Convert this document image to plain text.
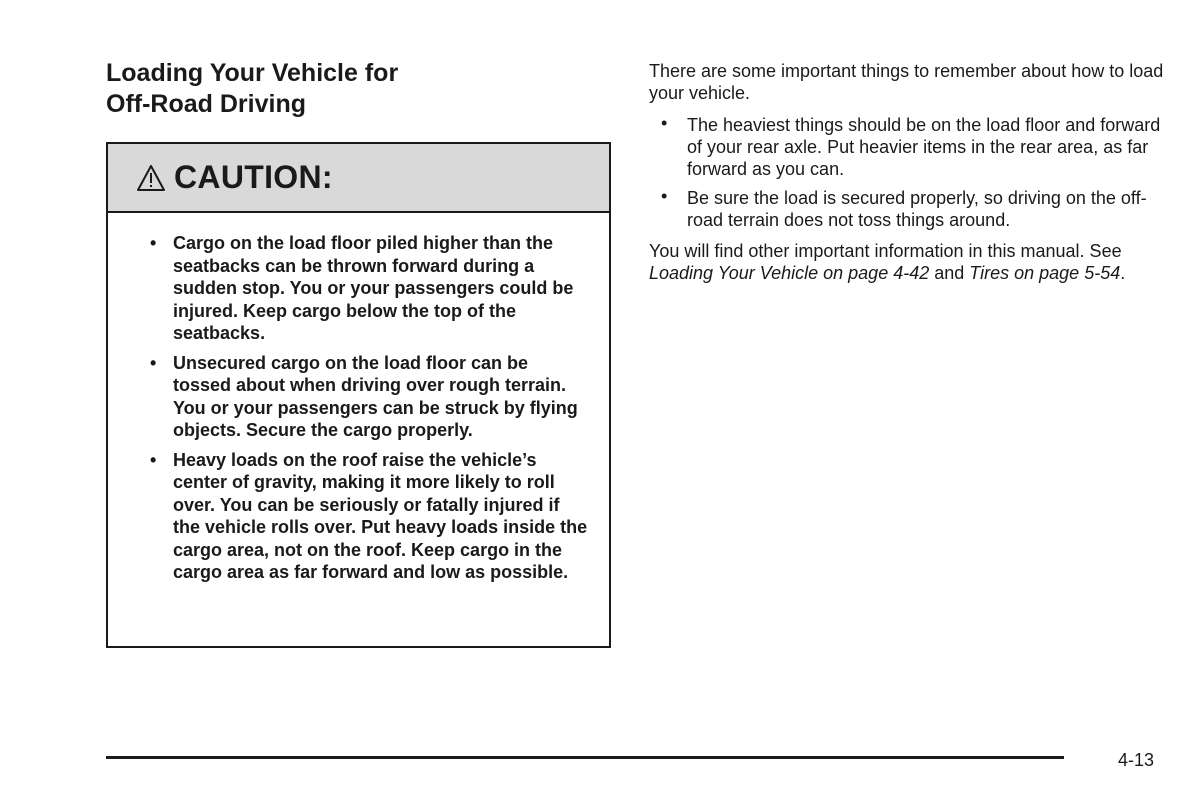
Loading Your Vehicle for
Off-Road Driving
CAUTION:
• Cargo on the load floor piled higher than the seatbacks can be thrown forward during a sudden stop. You or your passengers could be injured. Keep cargo below the top of the seatbacks.
• Unsecured cargo on the load floor can be tossed about when driving over rough terrain. You or your passengers can be struck by flying objects. Secure the cargo properly.
• Heavy loads on the roof raise the vehicle’s center of gravity, making it more likely to roll over. You can be seriously or fatally injured if the vehicle rolls over. Put heavy loads inside the cargo area, not on the roof. Keep cargo in the cargo area as far forward and low as possible.

There are some important things to remember about how to load your vehicle.

• The heaviest things should be on the load floor and forward of your rear axle. Put heavier items in the rear area, as far forward as you can.
• Be sure the load is secured properly, so driving on the off-road terrain does not toss things around.

You will find other important information in this manual. See Loading Your Vehicle on page 4-42 and Tires on page 5-54.

4-13
